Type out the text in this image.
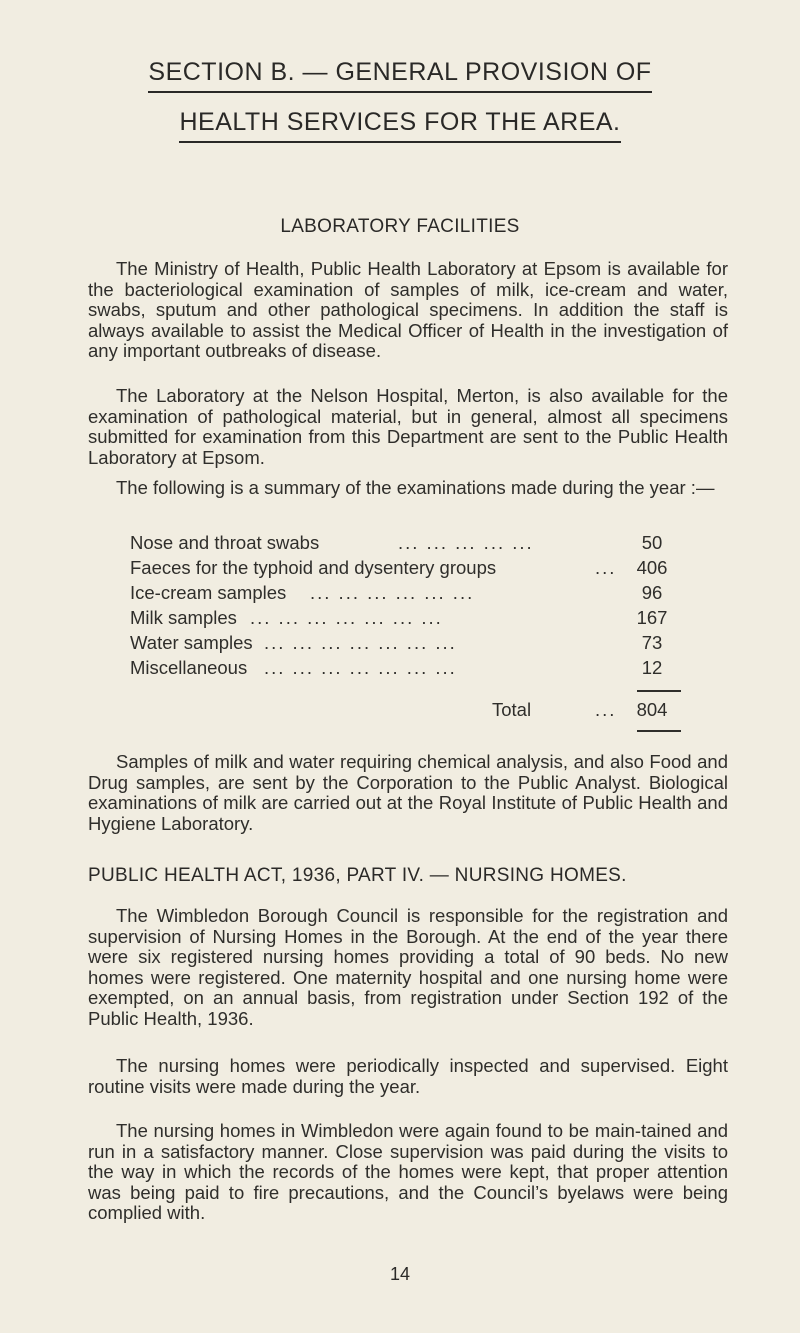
SECTION B. — GENERAL PROVISION OF
HEALTH SERVICES FOR THE AREA.
LABORATORY FACILITIES
The Ministry of Health, Public Health Laboratory at Epsom is available for the bacteriological examination of samples of milk, ice-cream and water, swabs, sputum and other pathological specimens. In addition the staff is always available to assist the Medical Officer of Health in the investigation of any important outbreaks of disease.
The Laboratory at the Nelson Hospital, Merton, is also available for the examination of pathological material, but in general, almost all specimens submitted for examination from this Department are sent to the Public Health Laboratory at Epsom.
The following is a summary of the examinations made during the year :—
Nose and throat swabs	... ... ... ... ...	50
Faeces for the typhoid and dysentery groups	...	406
Ice-cream samples ... ... ... ... ... ...	96
Milk samples ... ... ... ... ... ... ...	167
Water samples ... ... ... ... ... ... ...	73
Miscellaneous ... ... ... ... ... ... ...	12
Total	...	804
Samples of milk and water requiring chemical analysis, and also Food and Drug samples, are sent by the Corporation to the Public Analyst. Biological examinations of milk are carried out at the Royal Institute of Public Health and Hygiene Laboratory.
PUBLIC HEALTH ACT, 1936, PART IV. — NURSING HOMES.
The Wimbledon Borough Council is responsible for the registration and supervision of Nursing Homes in the Borough. At the end of the year there were six registered nursing homes providing a total of 90 beds. No new homes were registered. One maternity hospital and one nursing home were exempted, on an annual basis, from registration under Section 192 of the Public Health, 1936.
The nursing homes were periodically inspected and supervised. Eight routine visits were made during the year.
The nursing homes in Wimbledon were again found to be main-tained and run in a satisfactory manner. Close supervision was paid during the visits to the way in which the records of the homes were kept, that proper attention was being paid to fire precautions, and the Council’s byelaws were being complied with.
14
